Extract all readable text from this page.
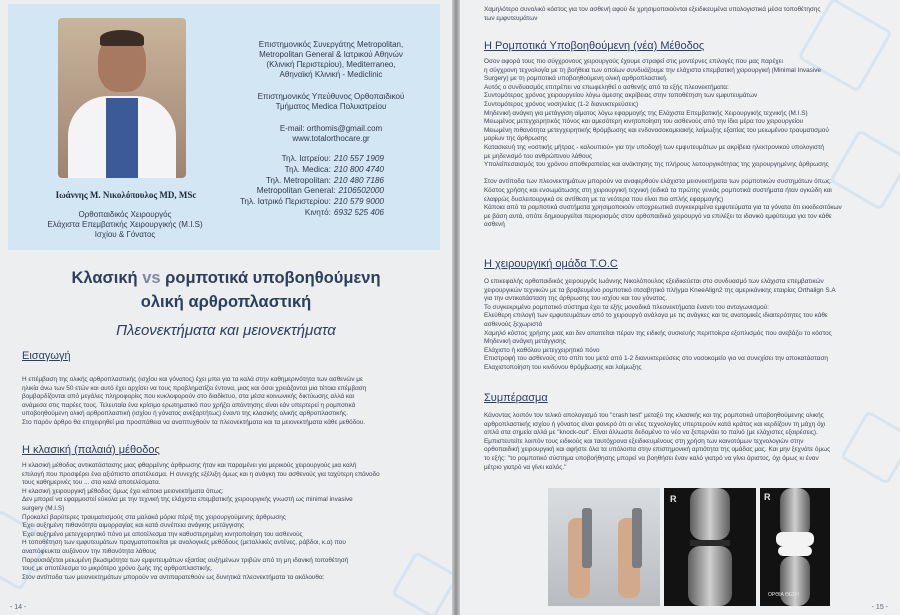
Ιωάννης Μ. Νικολόπουλος MD, MSc
Ορθοπαιδικός Χειρουργός
Ελάχιστα Επεμβατικής Χειρουργικής (M.I.S)
Ισχίου & Γόνατος
Επιστημονικός Συνεργάτης Metropolitan,
Metropolitan General & Ιατρικού Αθηνών
(Κλινική Περιστερίου), Mediterraneo,
Αθηναϊκή Κλινική - Mediclinic
Επιστημονικός Υπεύθυνος Ορθοπαιδικού
Τμήματος Medica Πολυιατρείου
E-mail: orthomis@gmail.com
www.totalorthocare.gr
Τηλ. Ιατρείου: 210 557 1909
Τηλ. Medica: 210 800 4740
Τηλ. Metropolitan: 210 480 7186
Metropolitan General: 2106502000
Τηλ. Ιατρικό Περιστερίου: 210 579 9000
Κινητό: 6932 525 406
Κλασική vs ρομποτικά υποβοηθούμενη
ολική αρθροπλαστική
Πλεονεκτήματα και μειονεκτήματα
Εισαγωγή
Η επέμβαση της ολικής αρθροπλαστικής (ισχίου και γόνατος) έχει μπει για τα καλά στην καθημερινότητα των ασθενών με
ηλικία άνω των 50 ετών και αυτό έχει αρχίσει να τους προβληματίζει έντονα, μιας και όσοι χρειάζονται μια τέτοια επέμβαση
βομβαρδίζονται από μεγάλες πληροφορίες που κυκλοφορούν στο διαδίκτυο, στα μέσα κοινωνικής δικτύωσης αλλά και
ανάμεσα στις παρέες τους. Τελευταία ένα κρίσιμο ερωτηματικό που χρήζει απάντησης είναι εάν υπερτερεί η ρομποτικά
υποβοηθούμενη ολική αρθροπλαστική (ισχίου ή γόνατος ανεξαρτήτως) έναντι της κλασικής ολικής αρθροπλαστικής.
Στο παρόν άρθρο θα επιχειρηθεί μια προσπάθεια να αναπτυχθούν τα πλεονεκτήματα και τα μειονεκτήματα κάθε μεθόδου.
Η κλασική (παλαιά) μέθοδος
Η κλασική μέθοδος αντικατάστασης μιας φθαρμένης άρθρωσης ήταν και παραμένει για μερικούς χειρουργούς μια καλή
επιλογή που προσφέρει ένα αξιόπιστο αποτέλεσμα. Η συνεχής εξέλιξη όμως και η ανάγκη του ασθενούς για ταχύτερη επάνοδο
τους καθημερινές του ... στα καλά αποτελέσματα.
Η κλασική χειρουργική μέθοδος όμως έχει κάποια μειονεκτήματα όπως:
Δεν μπορεί να εφαρμοστεί εύκολα με την τεχνική της ελάχιστα επεμβατικής χειρουργικής γνωστή ως minimal invasive
surgery (M.I.S)
Προκαλεί βαρύτερες τραυματισμούς στα μαλακά μόρια πέριξ της χειρουργούμενης άρθρωσης
Έχει αυξημένη πιθανότητα αιμορραγίας και κατά συνέπεια ανάγκης μετάγγισης
Έχει αυξημένο μετεγχειρητικό πόνο με αποτέλεσμα την καθυστερημένη κινητοποίηση του ασθενούς
Η τοποθέτηση των εμφυτευμάτων πραγματοποιείται με αναλογικές μεθόδους (μεταλλικές αντένες, ράβδοι, κ.α) που
αναπόφευκτα αυξάνουν την πιθανότητα λάθους
Παρουσιάζεται μειωμένη βιωσιμότητα των εμφυτευμάτων εξαιτίας αυξημένων τριβών από τη μη ιδανική τοποθέτησή
τους με αποτέλεσμα το μικρότερο χρόνο ζωής της αρθροπλαστικής.
Στον αντίποδα των μειονεκτημάτων μπορούν να αντιπαρατεθούν ως δυνητικά πλεονεκτήματα τα ακόλουθα:
- 14 -
Χαμηλότερο συνολικό κόστος για τον ασθενή αφού δε χρησιμοποιούνται εξειδικευμένα υπολογιστικά μέσα τοποθέτησης
των εμφυτευμάτων
Η Ρομποτικά Υποβοηθούμενη (νέα) Μέθοδος
Όσον αφορά τους πιο σύγχρονους χειρουργούς έχουμε στραφεί στις μοντέρνες επιλογές που μας παρέχει
η σύγχρονη τεχνολογία με τη βοήθεια των οποίων συνδυάζουμε την ελάχιστα επεμβατική χειρουργική (Minimal Invasive
Surgery) με τη ρομποτικά υποβοηθούμενη ολική αρθροπλαστική.
Αυτός ο συνδυασμός επιτρέπει να επωφεληθεί ο ασθενής από τα εξής πλεονεκτήματα:
Συντομότερος χρόνος χειρουργείου λόγω άμεσης ακρίβειας στην τοποθέτηση των εμφυτευμάτων
Συντομότερος χρόνος νοσηλείας (1-2 διανυκτερεύσεις)
Μηδενική ανάγκη για μετάγγιση αίματος λόγω εφαρμογής της Ελάχιστα Επεμβατικής Χειρουργικής τεχνικής (M.I.S)
Μειωμένος μετεγχειρητικός πόνος και αμεσότερη κινητοποίηση του ασθενούς από την ίδια μέρα του χειρουργείου
Μειωμένη πιθανότητα μετεγχειρητικής θρόμβωσης και ενδονοσοκομειακής λοίμωξης εξαιτίας του μειωμένου τραυματισμού
μορίων της άρθρωσης
Κατασκευή της «οστικής μήτρας - καλουπιού» για την υποδοχή των εμφυτευμάτων με ακρίβεια ηλεκτρονικού υπολογιστή
με μηδενισμό του ανθρώπινου λάθους
Υπολείπεσαισμός του χρόνου αποθεραπείας και ανάκτησης της πλήρους λειτουργικότητας της χειρουργημένης άρθρωσης

Στον αντίποδα των πλεονεκτημάτων μπορούν να αναφερθούν ελάχιστα μειονεκτήματα των ρομποτικών συστημάτων όπως:
Κόστος χρήσης και ενσωμάτωσης στη χειρουργική τεχνική (ειδικά τα πρώτης γενιάς ρομποτικά συστήματα ήταν ογκώδη και
ελαφρώς δυσλειτουργικά σε αντίθεση με τα νεότερα που είναι πιο απλής εφαρμογής)
Κάποια από τα ρομποτικά συστήματα χρησιμοποιούν υποχρεωτικά συγκεκριμένα εμφυτεύματα για τα γόνατα ότι εκκιδεσιτόκων
με βάση αυτά, οπότε δημιουργείται περιορισμός στον ορθοπαιδικό χειρουργό να επιλέξει τα ιδανικό εμφύτευμα για τον κάθε
ασθενή
Η χειρουργική ομάδα T.O.C
Ο επικεφαλής ορθοπαιδικός χειρουργός Ιωάννης Νικολόπουλος εξειδικεύεται στο συνδυασμό των ελάχιστα επεμβατικών
χειρουργικών τεχνικών με τα βραβευμένο ρομποτικό ιπσαβητικό πλήγμα KneeAlign2 της αμερικάνικης εταιρίας Orthalign S.A
για την αντικατάσταση της άρθρωσης του ισχίου και του γόνατος.
Το συγκεκριμένο ρομποτικό σύστημα έχει τα εξής μοναδικά πλεονεκτήματα έναντι του ανταγωνισμού:
Ελεύθερη επιλογή των εμφυτευμάτων από το χειρουργό ανάλογα με τις ανάγκες και τις ανατομικές ιδιαιτερότητες του κάθε
ασθενούς ξεχωριστά
Χαμηλό κόστος χρήσης μιας και δεν απαιτείται πέραν της ειδικής συσκευής περιττοίερα εξοπλισμός που ανεβάζει το κόστος
Μηδενική ανάγκη μετάγγισης
Ελάχιστο ή καθόλου μετεγχειρητικό πόνο
Επιστροφή του ασθενούς στο σπίτι του μετά από 1-2 διανυκτερεύσεις στο νοσοκομείο για να συνεχίσει την αποκατάσταση
Ελαχιστοποίηση του κινδύνου θρόμβωσης και λοίμωξης
Συμπέρασμα
Κάνοντας λοιπόν τον τελικό απολογισμό του "crash test" μεταξύ της κλασικής και της ρομποτικά υποβοηθούμενης ολικής
αρθροπλαστικής ισχίου ή γόνατος είναι φανερό ότι οι νέες τεχνολογίες υπερτερούν κατά κράτος και κερδίζουν τη μάχη όχι
απλά στα σημεία αλλά με "knock-out". Είναι άλλωστε δεδομένο το νέο να ξεπερνάει το παλιό (με ελάχιστες εξαιρέσεις).
Εμπιστευτείτε λοιπόν τους ειδικούς και ταυτόχρονα εξειδικευμένους στη χρήση των καινοτόμων τεχνολογιών στην
ορθοπαιδική χειρουργική και αφήστε όλα τα υπόλοιπα στην επιστημονική αρτιότητα της ομάδας μας. Και μην ξεχνάτε όμως
το εξής: "το ρομποτικό σύστημα υποβοήθησης μπορεί να βοηθήσει έναν καλό γιατρό να γίνει άριστος, όχι όμως κι έναν
μέτριο γιατρό να γίνει καλός."
R	R
ΟΡΘΙΑ ΘΕΣΗ
- 15 -
